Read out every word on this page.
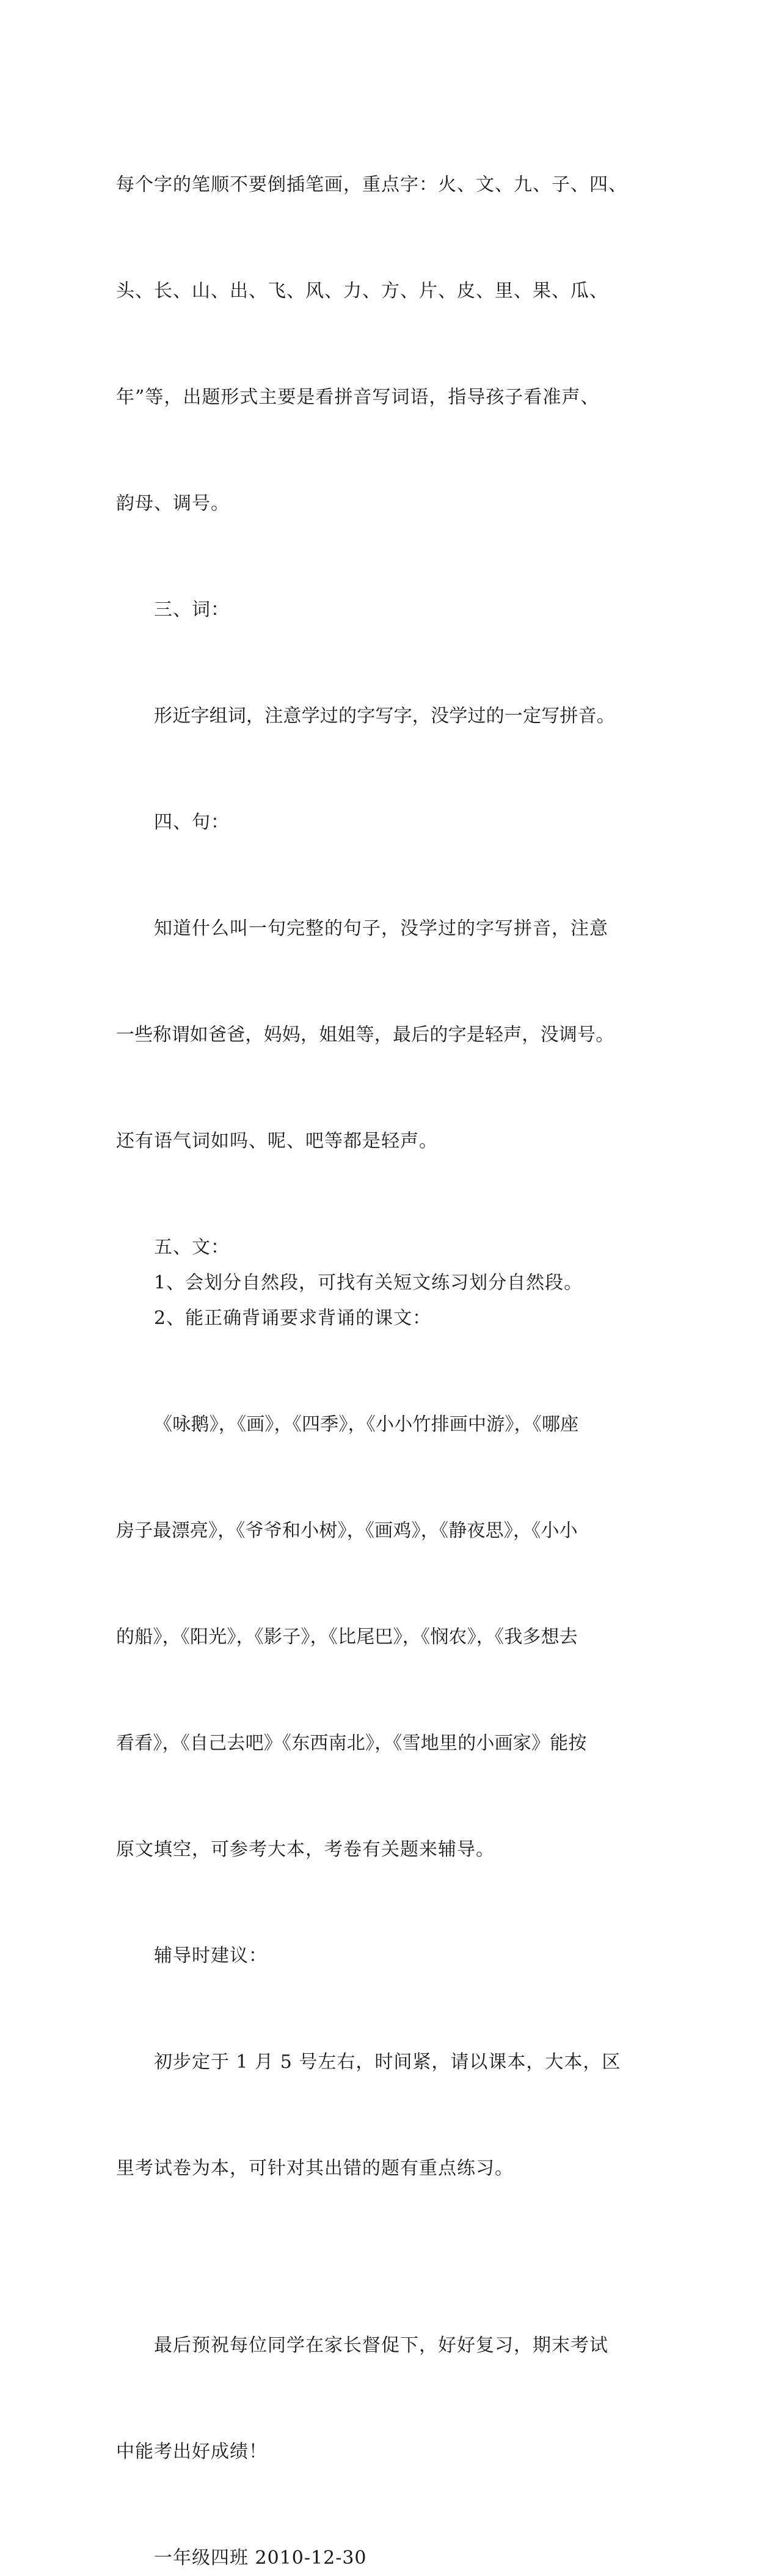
每个字的笔顺不要倒插笔画，重点字：火、文、九、子、四、

头、长、山、出、飞、风、力、方、片、皮、里、果、瓜、

年”等，出题形式主要是看拼音写词语，指导孩子看准声、

韵母、调号。

三、词：

形近字组词，注意学过的字写字，没学过的一定写拼音。

四、句：

知道什么叫一句完整的句子，没学过的字写拼音，注意

一些称谓如爸爸，妈妈，姐姐等，最后的字是轻声，没调号。

还有语气词如吗、呢、吧等都是轻声。

五、文：
1、会划分自然段，可找有关短文练习划分自然段。
2、能正确背诵要求背诵的课文：

《咏鹅》，《画》，《四季》，《小小竹排画中游》，《哪座

房子最漂亮》，《爷爷和小树》，《画鸡》，《静夜思》，《小小

的船》，《阳光》，《影子》，《比尾巴》，《悯农》，《我多想去

看看》，《自己去吧》《东西南北》，《雪地里的小画家》能按

原文填空，可参考大本，考卷有关题来辅导。

辅导时建议：

初步定于 1 月 5 号左右，时间紧，请以课本，大本，区

里考试卷为本，可针对其出错的题有重点练习。

最后预祝每位同学在家长督促下，好好复习，期末考试

中能考出好成绩！

一年级四班 2010-12-30
